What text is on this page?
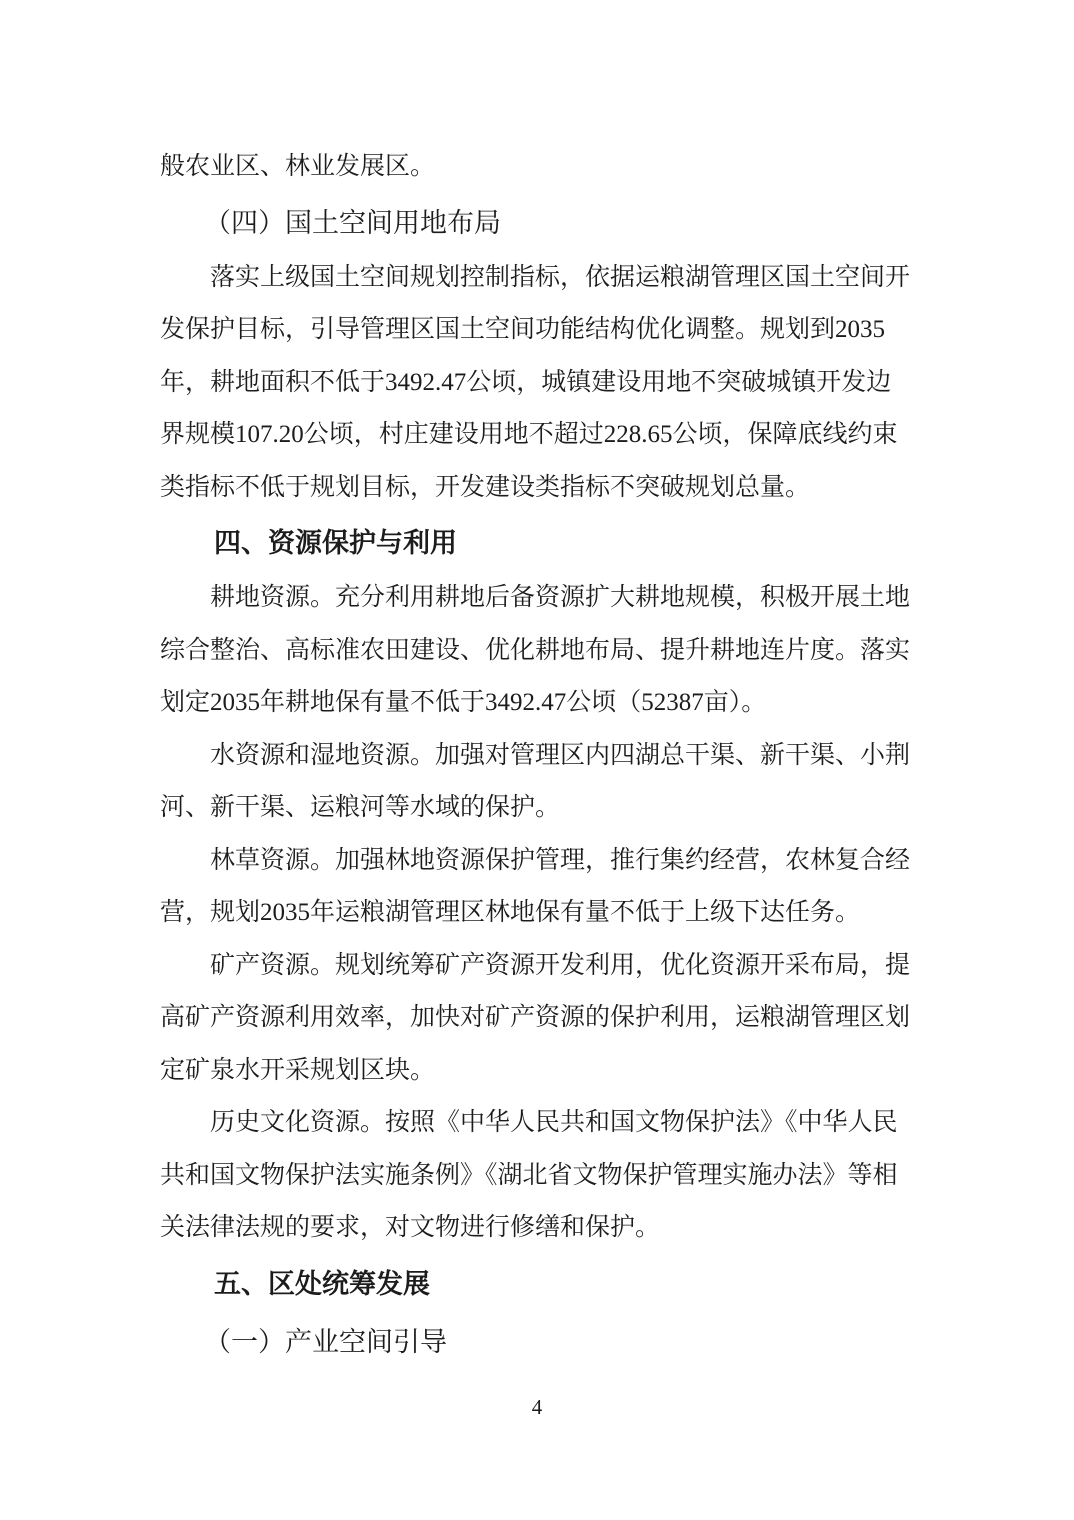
般农业区、林业发展区。
（四）国土空间用地布局
落实上级国土空间规划控制指标，依据运粮湖管理区国土空间开
发保护目标，引导管理区国土空间功能结构优化调整。规划到2035
年，耕地面积不低于3492.47公顷，城镇建设用地不突破城镇开发边
界规模107.20公顷，村庄建设用地不超过228.65公顷，保障底线约束
类指标不低于规划目标，开发建设类指标不突破规划总量。
四、资源保护与利用
耕地资源。充分利用耕地后备资源扩大耕地规模，积极开展土地
综合整治、高标准农田建设、优化耕地布局、提升耕地连片度。落实
划定2035年耕地保有量不低于3492.47公顷（52387亩）。
水资源和湿地资源。加强对管理区内四湖总干渠、新干渠、小荆
河、新干渠、运粮河等水域的保护。
林草资源。加强林地资源保护管理，推行集约经营，农林复合经
营，规划2035年运粮湖管理区林地保有量不低于上级下达任务。
矿产资源。规划统筹矿产资源开发利用，优化资源开采布局，提
高矿产资源利用效率，加快对矿产资源的保护利用，运粮湖管理区划
定矿泉水开采规划区块。
历史文化资源。按照《中华人民共和国文物保护法》《中华人民
共和国文物保护法实施条例》《湖北省文物保护管理实施办法》等相
关法律法规的要求，对文物进行修缮和保护。
五、区处统筹发展
（一）产业空间引导
4
